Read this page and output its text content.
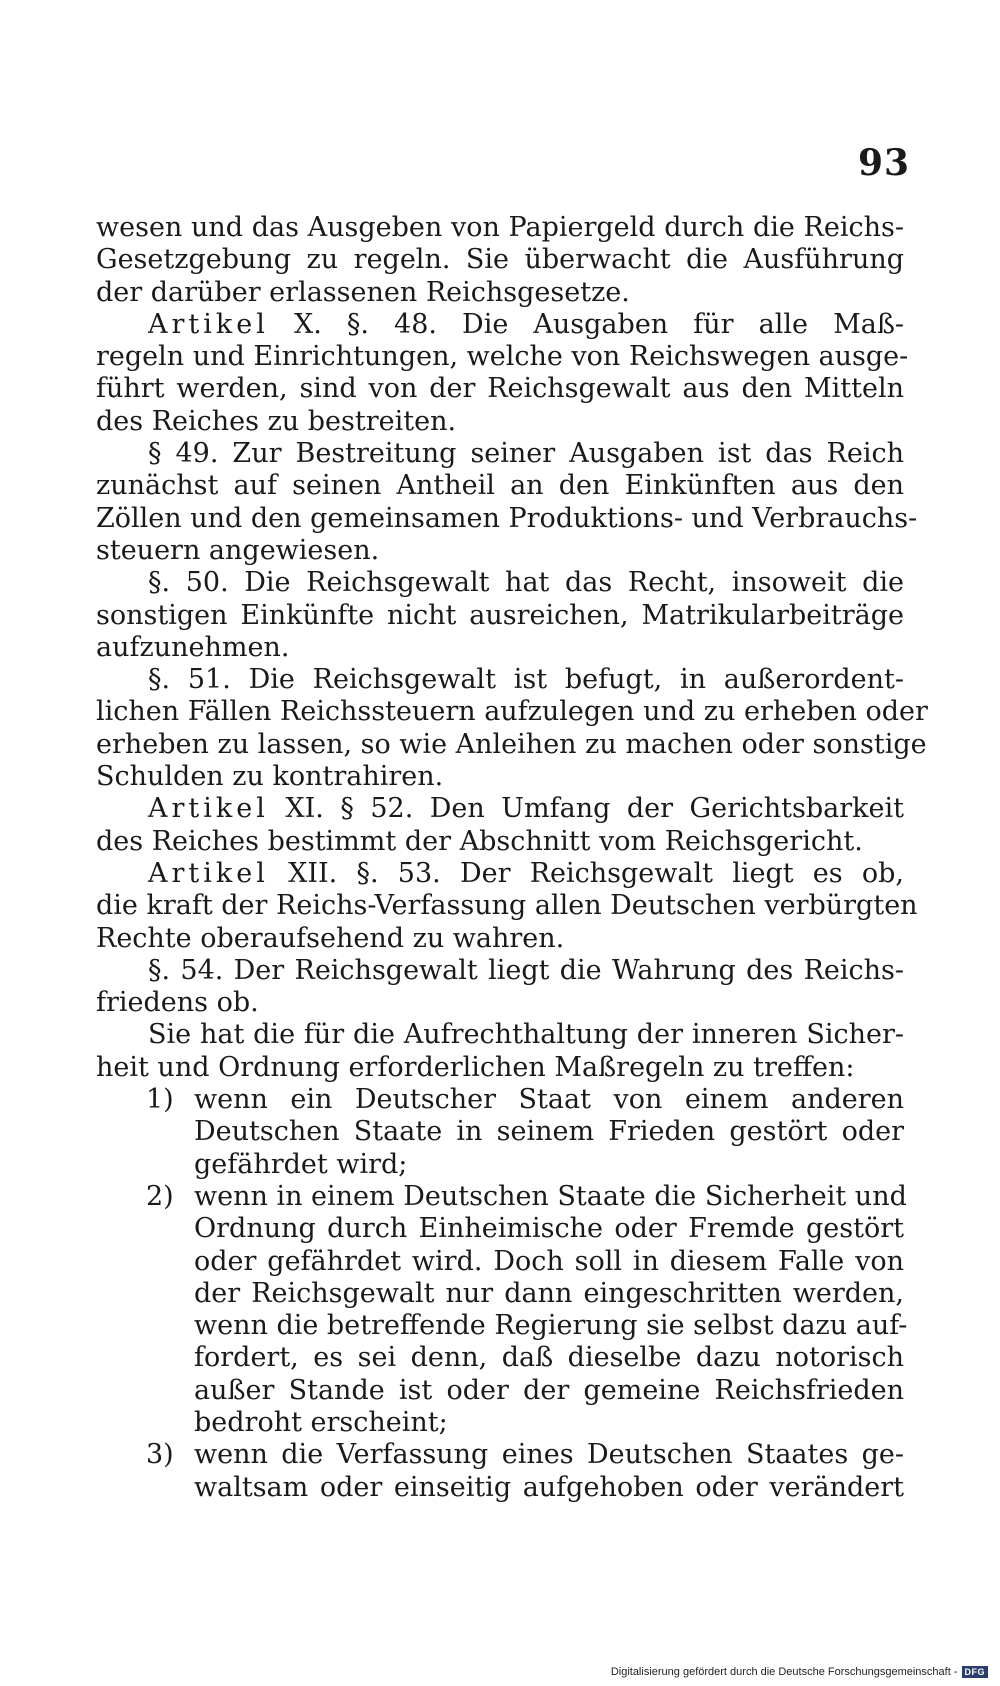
93
wesen und das Ausgeben von Papiergeld durch die Reichs-
Gesetzgebung zu regeln. Sie überwacht die Ausführung
der darüber erlassenen Reichsgesetze.
Artikel X. §. 48. Die Ausgaben für alle Maß-
regeln und Einrichtungen, welche von Reichswegen ausge-
führt werden, sind von der Reichsgewalt aus den Mitteln
des Reiches zu bestreiten.
§ 49. Zur Bestreitung seiner Ausgaben ist das Reich
zunächst auf seinen Antheil an den Einkünften aus den
Zöllen und den gemeinsamen Produktions- und Verbrauchs-
steuern angewiesen.
§. 50. Die Reichsgewalt hat das Recht, insoweit die
sonstigen Einkünfte nicht ausreichen, Matrikularbeiträge
aufzunehmen.
§. 51. Die Reichsgewalt ist befugt, in außerordent-
lichen Fällen Reichssteuern aufzulegen und zu erheben oder
erheben zu lassen, so wie Anleihen zu machen oder sonstige
Schulden zu kontrahiren.
Artikel XI. § 52. Den Umfang der Gerichtsbarkeit
des Reiches bestimmt der Abschnitt vom Reichsgericht.
Artikel XII. §. 53. Der Reichsgewalt liegt es ob,
die kraft der Reichs-Verfassung allen Deutschen verbürgten
Rechte oberaufsehend zu wahren.
§. 54. Der Reichsgewalt liegt die Wahrung des Reichs-
friedens ob.
Sie hat die für die Aufrechthaltung der inneren Sicher-
heit und Ordnung erforderlichen Maßregeln zu treffen:
1) wenn ein Deutscher Staat von einem anderen
Deutschen Staate in seinem Frieden gestört oder
gefährdet wird;
2) wenn in einem Deutschen Staate die Sicherheit und
Ordnung durch Einheimische oder Fremde gestört
oder gefährdet wird. Doch soll in diesem Falle von
der Reichsgewalt nur dann eingeschritten werden,
wenn die betreffende Regierung sie selbst dazu auf-
fordert, es sei denn, daß dieselbe dazu notorisch
außer Stande ist oder der gemeine Reichsfrieden
bedroht erscheint;
3) wenn die Verfassung eines Deutschen Staates ge-
waltsam oder einseitig aufgehoben oder verändert
Digitalisierung gefördert durch die Deutsche Forschungsgemeinschaft - DFG
